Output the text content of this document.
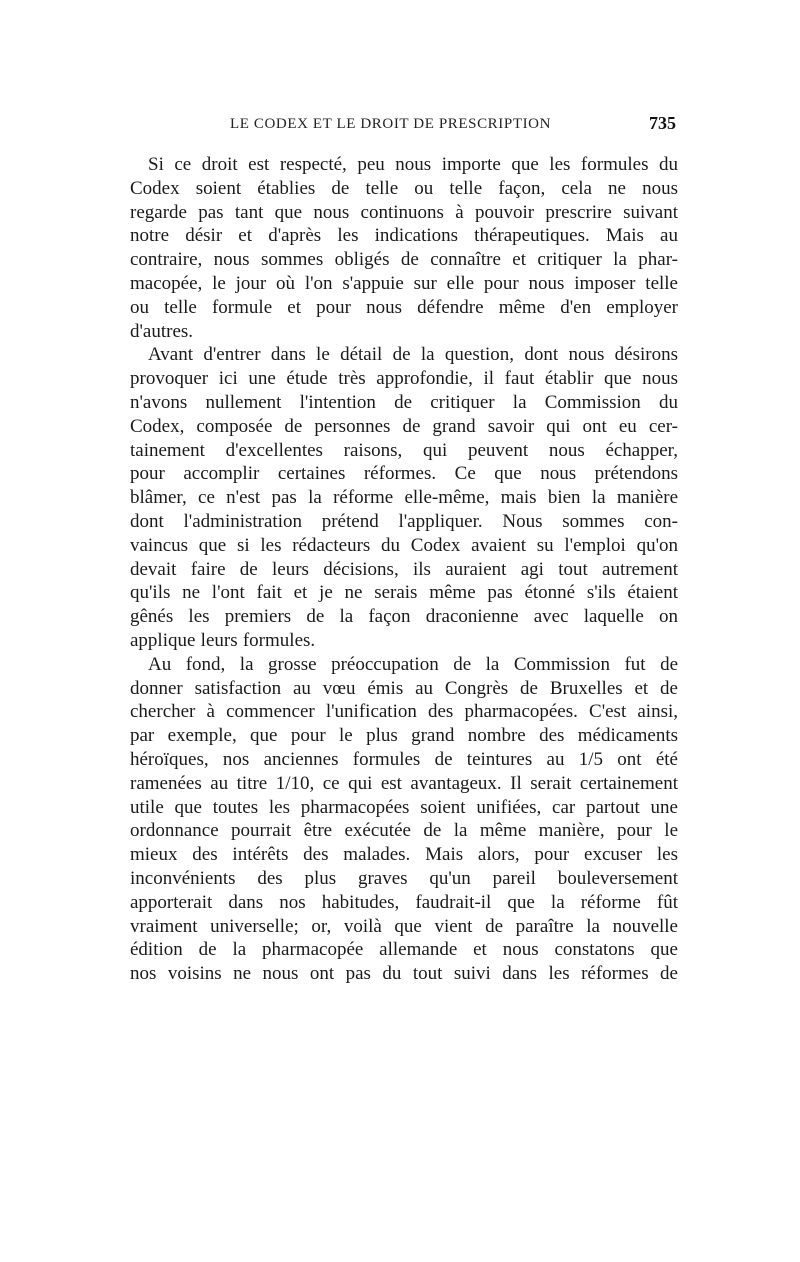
LE CODEX ET LE DROIT DE PRESCRIPTION	735
Si ce droit est respecté, peu nous importe que les formules du
Codex soient établies de telle ou telle façon, cela ne nous
regarde pas tant que nous continuons à pouvoir prescrire suivant
notre désir et d'après les indications thérapeutiques. Mais au
contraire, nous sommes obligés de connaître et critiquer la phar-
macopée, le jour où l'on s'appuie sur elle pour nous imposer telle
ou telle formule et pour nous défendre même d'en employer
d'autres.
Avant d'entrer dans le détail de la question, dont nous désirons
provoquer ici une étude très approfondie, il faut établir que nous
n'avons nullement l'intention de critiquer la Commission du
Codex, composée de personnes de grand savoir qui ont eu cer-
tainement d'excellentes raisons, qui peuvent nous échapper,
pour accomplir certaines réformes. Ce que nous prétendons
blâmer, ce n'est pas la réforme elle-même, mais bien la manière
dont l'administration prétend l'appliquer. Nous sommes con-
vaincus que si les rédacteurs du Codex avaient su l'emploi qu'on
devait faire de leurs décisions, ils auraient agi tout autrement
qu'ils ne l'ont fait et je ne serais même pas étonné s'ils étaient
gênés les premiers de la façon draconienne avec laquelle on
applique leurs formules.
Au fond, la grosse préoccupation de la Commission fut de
donner satisfaction au vœu émis au Congrès de Bruxelles et de
chercher à commencer l'unification des pharmacopées. C'est ainsi,
par exemple, que pour le plus grand nombre des médicaments
héroïques, nos anciennes formules de teintures au 1/5 ont été
ramenées au titre 1/10, ce qui est avantageux. Il serait certainement
utile que toutes les pharmacopées soient unifiées, car partout une
ordonnance pourrait être exécutée de la même manière, pour le
mieux des intérêts des malades. Mais alors, pour excuser les
inconvénients des plus graves qu'un pareil bouleversement
apporterait dans nos habitudes, faudrait-il que la réforme fût
vraiment universelle; or, voilà que vient de paraître la nouvelle
édition de la pharmacopée allemande et nous constatons que
nos voisins ne nous ont pas du tout suivi dans les réformes de
